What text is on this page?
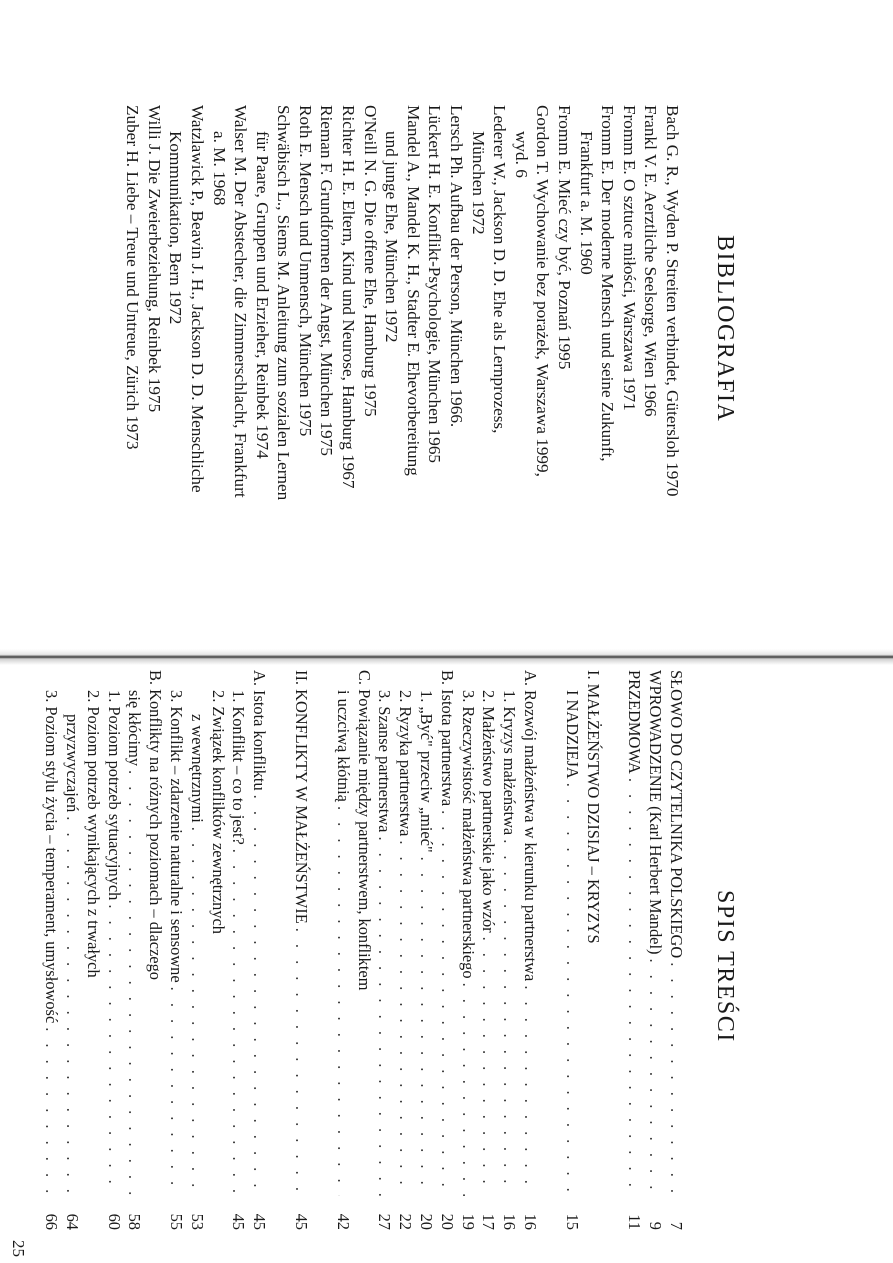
BIBLIOGRAFIA
Bach G. R., Wyden P. Streiten verbindet, Gütersloh 1970
Frankl V. E. Aerztliche Seelsorge, Wien 1966
Fromm E. O sztuce miłości, Warszawa 1971
Fromm E. Der moderne Mensch und seine Zukunft,
Frankfurt a. M. 1960
Fromm E. Mieć czy być, Poznań 1995
Gordon T. Wychowanie bez porażek, Warszawa 1999,
wyd. 6
Lederer W., Jackson D. D. Ehe als Lernprozess,
München 1972
Lersch Ph. Aufbau der Person, München 1966.
Lückert H. E. Konflikt-Psychologie, München 1965
Mandel A., Mandel K. H., Stadter E. Ehevorbereitung
und junge Ehe, München 1972
O'Neill N. G. Die offene Ehe, Hamburg 1975
Richter H. E. Eltern, Kind und Neurose, Hamburg 1967
Rieman F. Grundformen der Angst, München 1975
Roth E. Mensch und Unmensch, München 1975
Schwäbisch L., Siems M. Anleitung zum sozialen Lernen
für Paare, Gruppen und Erzieher, Reinbek 1974
Walser M. Der Abstecher, die Zimmerschlacht, Frankfurt
a. M. 1968
Watzlawick P., Beavin J. H., Jackson D. D. Menschliche
Kommunikation, Bern 1972
Willi J. Die Zweierbeziehung, Reinbek 1975
Zuber H. Liebe – Treue und Untreue, Zürich 1973
SPIS TREŚCI
SŁOWO DO CZYTELNIKA POLSKIEGO
. . .
7
WPROWADZENIE (Karl Herbert Mandel)
. . .
9
PRZEDMOWA
. . .
11
I. MAŁŻEŃSTWO DZISIAJ – KRYZYS
I NADZIEJA
. . .
15
A. Rozwój małżeństwa w kierunku partnerstwa
. . .
16
1. Kryzys małżeństwa
. . .
16
2. Małżeństwo partnerskie jako wzór
. . .
17
3. Rzeczywistość małżeństwa partnerskiego
. . .
19
B. Istota partnerstwa
. . .
20
1. „Być" przeciw „mieć"
. . .
20
2. Ryzyka partnerstwa
. . .
22
3. Szanse partnerstwa
. . .
27
C. Powiązanie między partnerstwem, konfliktem
i uczciwą kłótnią
. . .
42
II. KONFLIKTY W MAŁŻEŃSTWIE
. . .
45
A. Istota konfliktu
. . .
45
1. Konflikt – co to jest?
. . .
45
2. Związek konfliktów zewnętrznych
z wewnętrznymi
. . .
53
3. Konflikt – zdarzenie naturalne i sensowne
. . .
55
B. Konflikty na różnych poziomach – dlaczego
się kłócimy
. . .
58
1. Poziom potrzeb sytuacyjnych
. . .
60
2. Poziom potrzeb wynikających z trwałych
przyzwyczajeń
. . .
64
3. Poziom stylu życia – temperament, umysłowość
. . .
66
25
